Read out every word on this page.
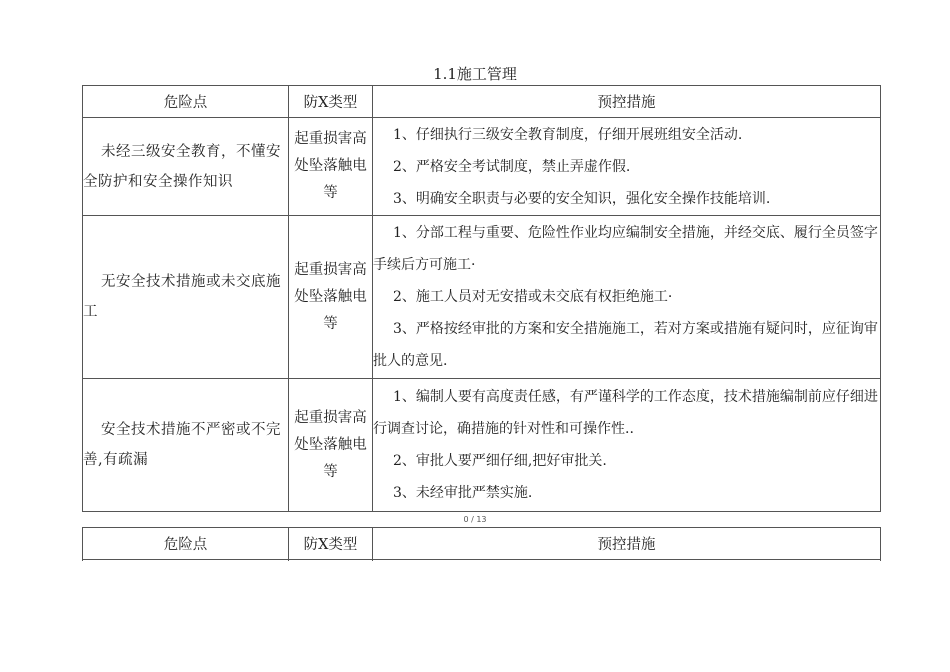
1.1施工管理
危险点	防X类型	预控措施
未经三级安全教育，不懂安全防护和安全操作知识	起重损害高处坠落触电等	1、仔细执行三级安全教育制度，仔细开展班组安全活动.
2、严格安全考试制度，禁止弄虚作假.
3、明确安全职责与必要的安全知识，强化安全操作技能培训.

无安全技术措施或未交底施工	起重损害高处坠落触电等	1、分部工程与重要、危险性作业均应编制安全措施，并经交底、履行全员签字手续后方可施工·
2、施工人员对无安措或未交底有权拒绝施工·
3、严格按经审批的方案和安全措施施工，若对方案或措施有疑问时，应征询审批人的意见.

安全技术措施不严密或不完善,有疏漏	起重损害高处坠落触电等	1、编制人要有高度责任感，有严谨科学的工作态度，技术措施编制前应仔细进行调查讨论，确措施的针对性和可操作性..
2、审批人要严细仔细,把好审批关.
3、未经审批严禁实施.
0 / 13
危险点	防X类型	预控措施
